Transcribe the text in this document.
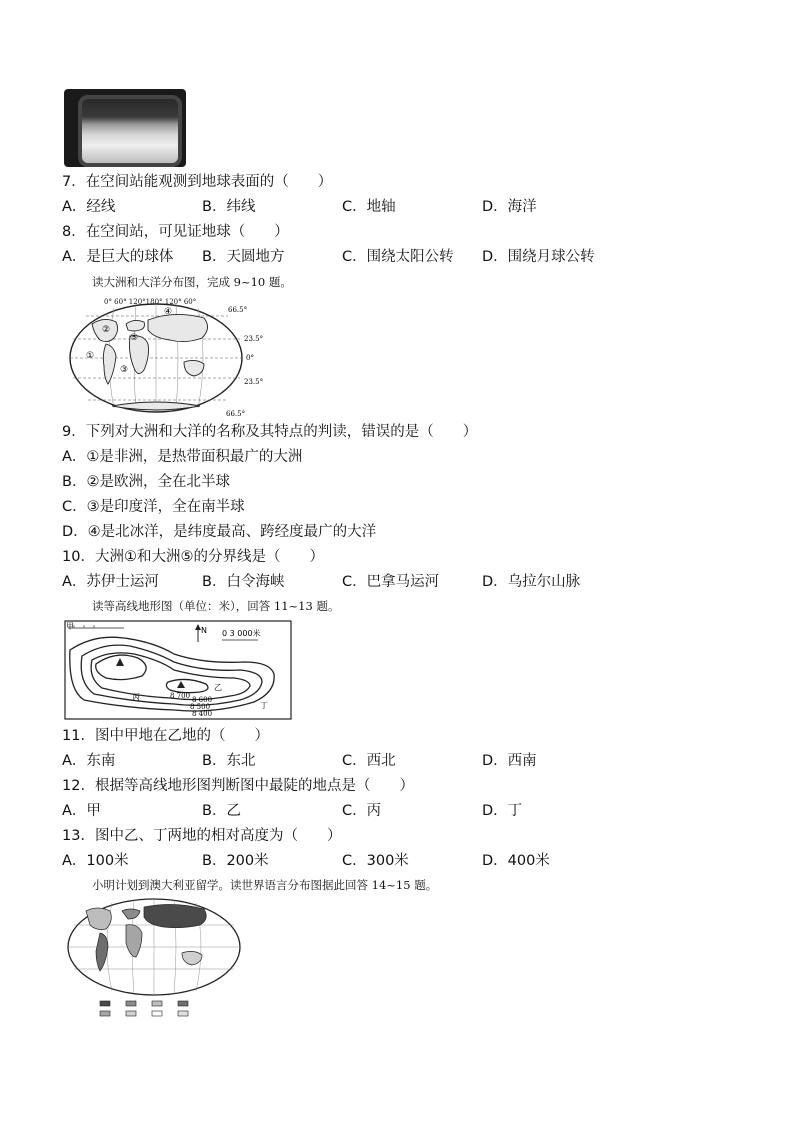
7．在空间站能观测到地球表面的（　　）
A．经线	B．纬线	C．地轴	D．海洋
8．在空间站，可见证地球（　　）
A．是巨大的球体 B．天圆地方	C．围绕太阳公转 D．围绕月球公转
读大洲和大洋分布图，完成 9~10 题。
0° 60° 120°180° 120° 60°
66.5°
23.5°
0°
23.5°
66.5°
①
②
③
④
⑤
9．下列对大洲和大洋的名称及其特点的判读，错误的是（　　）
A．①是非洲，是热带面积最广的大洲
B．②是欧洲，全在北半球
C．③是印度洋，全在南半球
D．④是北冰洋，是纬度最高、跨经度最广的大洋
10．大洲①和大洲⑤的分界线是（　　）
A．苏伊士运河	B．白令海峡	C．巴拿马运河	D．乌拉尔山脉
读等高线地形图（单位：米），回答 11~13 题。
甲	N 0 3 000米
8 700 8 600
8 500
8 400
乙
丙
丁
11．图中甲地在乙地的（　　）
A．东南	B．东北	C．西北	D．西南
12．根据等高线地形图判断图中最陡的地点是（　　）
A．甲	B．乙	C．丙	D．丁
13．图中乙、丁两地的相对高度为（　　）
A．100米	B．200米	C．300米	D．400米
小明计划到澳大利亚留学。读世界语言分布图据此回答 14~15 题。
